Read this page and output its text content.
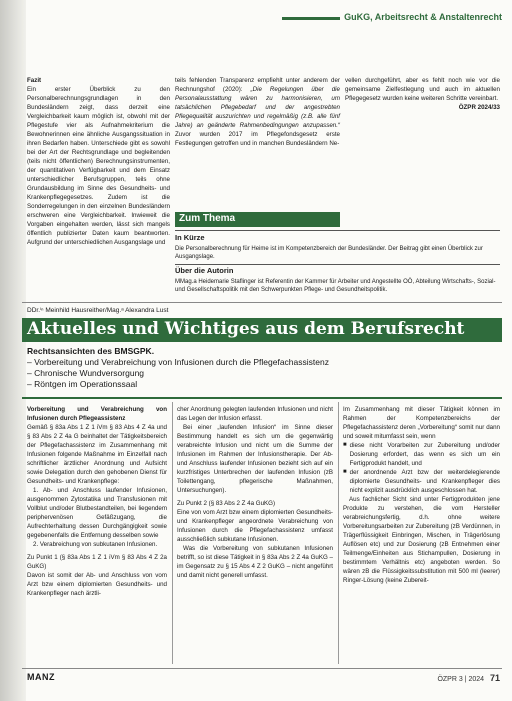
GuKG, Arbeitsrecht & Anstaltenrecht
Fazit
Ein erster Überblick zu den Personalberechnungsgrundlagen in den Bundesländern zeigt, dass derzeit eine Vergleichbarkeit kaum möglich ist, obwohl mit der Pflegestufe vier als Aufnahmekriterium die Bewohnerinnen eine ähnliche Ausgangssituation in ihren Bedarfen haben. Unterschiede gibt es sowohl bei der Art der Rechtsgrundlage und begleitenden (teils nicht öffentlichen) Berechnungsinstrumenten, der quantitativen Verfügbarkeit und dem Einsatz unterschiedlicher Berufsgruppen, teils ohne Grundausbildung im Sinne des Gesundheits- und Krankenpflegegesetzes. Zudem ist die Sonderregelungen in den einzelnen Bundesländern erschweren eine Vergleichbarkeit. Inwieweit die Vorgaben eingehalten werden, lässt sich mangels öffentlich publizierter Daten kaum beantworten. Aufgrund der unterschiedlichen Ausgangslage und
teils fehlenden Transparenz empfiehlt unter anderem der Rechnungshof (2020): „Die Regelungen über die Personalausstattung wären zu harmonisieren, um tatsächlichen Pflegebedarf und der angestrebten Pflegequalität auszurichten und regelmäßig (z.B. alle fünf Jahre) an geänderte Rahmenbedingungen anzupassen.“ Zuvor wurden 2017 im Pflegefondsgesetz erste Festlegungen getroffen und in manchen Bundesländern Ne-
vellen durchgeführt, aber es fehlt noch wie vor die gemeinsame Zielfestlegung und auch im aktuellen Pflegegesetz wurden keine weiteren Schritte vereinbart.
ÖZPR 2024/33
Zum Thema
In Kürze
Die Personalberechnung für Heime ist im Kompetenzbereich der Bundesländer. Der Beitrag gibt einen Überblick zur Ausgangslage.
Über die Autorin
MMag.a Heidemarie Staflinger ist Referentin der Kammer für Arbeiter und Angestellte OÖ, Abteilung Wirtschafts-, Sozial- und Gesellschaftspolitik mit den Schwerpunkten Pflege- und Gesundheitspolitik.
DDr.ⁱⁿ Meinhild Hausreither/Mag.ᵃ Alexandra Lust
Aktuelles und Wichtiges aus dem Berufsrecht
Rechtsansichten des BMSGPK.
– Vorbereitung und Verabreichung von Infusionen durch die Pflegefachassistenz
– Chronische Wundversorgung
– Röntgen im Operationssaal
Vorbereitung und Verabreichung von Infusionen durch Pflegeassistenz
Gemäß § 83a Abs 1 Z 1 iVm § 83 Abs 4 Z 4a und § 83 Abs 2 Z 4a G beinhaltet der Tätigkeitsbereich der Pflegefachassistenz im Zusammenhang mit Infusionen folgende Maßnahme im Einzelfall nach schriftlicher ärztlicher Anordnung und Aufsicht sowie Delegation durch den gehobenen Dienst für Gesundheits- und Krankenpflege:
1. Ab- und Anschluss laufender Infusionen, ausgenommen Zytostatika und Transfusionen mit Vollblut und/oder Blutbestandteilen, bei liegendem periphervenösen Gefäßzugang, die Aufrechterhaltung dessen Durchgängigkeit sowie gegebenenfalls die Entfernung desselben sowie
2. Verabreichung von subkutanen Infusionen.
Zu Punkt 1 (§ 83a Abs 1 Z 1 iVm § 83 Abs 4 Z 2a GuKG)
Davon ist somit der Ab- und Anschluss von vom Arzt bzw einem diplomierten Gesundheits- und Krankenpfleger nach ärztli-
cher Anordnung gelegten laufenden Infusionen und nicht das Legen der Infusion erfasst.
Bei einer „laufenden Infusion“ im Sinne dieser Bestimmung handelt es sich um die gegenwärtig verabreichte Infusion und nicht um die Summe der Infusionen im Rahmen der Infusionstherapie. Der Ab- und Anschluss laufender Infusionen bezieht sich auf ein kurzfristiges Unterbrechen der laufenden Infusion (zB Toilettengang, pflegerische Maßnahmen, Untersuchungen).
Zu Punkt 2 (§ 83 Abs 2 Z 4a GuKG)
Eine von vom Arzt bzw einem diplomierten Gesundheits- und Krankenpfleger angeordnete Verabreichung von Infusionen durch die Pflegefachassistenz umfasst ausschließlich subkutane Infusionen.
Was die Vorbereitung von subkutanen Infusionen betrifft, so ist diese Tätigkeit in § 83a Abs 2 Z 4a GuKG – im Gegensatz zu § 15 Abs 4 Z 2 GuKG – nicht angeführt und damit nicht generell umfasst.
Im Zusammenhang mit dieser Tätigkeit können im Rahmen der Kompetenzbereichs der Pflegefachassistenz deren „Vorbereitung“ somit nur dann und soweit mitumfasst sein, wenn
■ diese nicht Vorarbeiten zur Zubereitung und/oder Dosierung erfordert, das wenn es sich um ein Fertigprodukt handelt, und
■ der anordnende Arzt bzw der weiterdelegierende diplomierte Gesundheits- und Krankenpfleger dies nicht explizit ausdrücklich ausgeschlossen hat.
Aus fachlicher Sicht sind unter Fertigprodukten jene Produkte zu verstehen, die vom Hersteller verabreichungsfertig, d.h. ohne weitere Vorbereitungsarbeiten zur Zubereitung (zB Verdünnen, in Trägerflüssigkeit Einbringen, Mischen, in Trägerlösung Auflösen etc) und zur Dosierung (zB Entnehmen einer Teilmenge/Einheiten aus Stichampullen, Dosierung in bestimmtem Verhältnis etc) angeboten werden. So wären zB die Flüssigkeitssubstitution mit 500 ml (leerer) Ringer-Lösung (keine Zubereit-
MANZ	ÖZPR 3 | 2024 71
